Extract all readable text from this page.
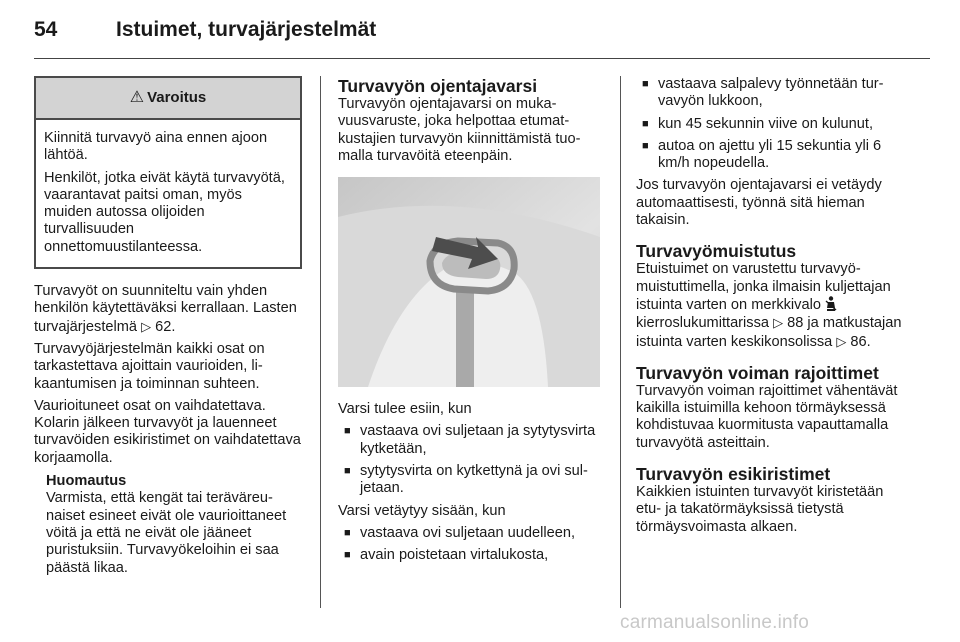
54	Istuimet, turvajärjestelmät
⚠ Varoitus

Kiinnitä turvavyö aina ennen ajoon lähtöä.

Henkilöt, jotka eivät käytä turvavyötä, vaarantavat paitsi oman, myös muiden autossa olijoiden turvallisuuden onnettomuustilanteessa.

Turvavyöt on suunniteltu vain yhden henkilön käytettäväksi kerrallaan. Lasten turvajärjestelmä ▷ 62.

Turvavyöjärjestelmän kaikki osat on tarkastettava ajoittain vaurioiden, likaantumisen ja toiminnan suhteen.

Vaurioituneet osat on vaihdatettava. Kolarin jälkeen turvavyöt ja lauenneet turvavöiden esikiristimet on vaihdatettava korjaamolla.

Huomautus
Varmista, että kengät tai teräväreunaiset esineet eivät ole vaurioittaneet vöitä ja että ne eivät ole jääneet puristuksiin. Turvavyökeloihin ei saa päästä likaa.
Turvavyön ojentajavarsi

Turvavyön ojentajavarsi on mukavuusvaruste, joka helpottaa etumatkustajien turvavyön kiinnittämistä tuomalla turvavöitä eteenpäin.

Varsi tulee esiin, kun

■ vastaava ovi suljetaan ja sytytysvirta kytketään,
■ sytytysvirta on kytkettynä ja ovi suljetaan.

Varsi vetäytyy sisään, kun

■ vastaava ovi suljetaan uudelleen,
■ avain poistetaan virtalukosta,
■ vastaava salpalevy työnnetään turvavyön lukkoon,
■ kun 45 sekunnin viive on kulunut,
■ autoa on ajettu yli 15 sekuntia yli 6 km/h nopeudella.

Jos turvavyön ojentajavarsi ei vetäydy automaattisesti, työnnä sitä hieman takaisin.

Turvavyömuistutus

Etuistuimet on varustettu turvavyömuistuttimella, jonka ilmaisin kuljettajan istuinta varten on merkkivalo  kierroslukumittarissa ▷ 88 ja matkustajan istuinta varten keskikonsolissa ▷ 86.

Turvavyön voiman rajoittimet

Turvavyön voiman rajoittimet vähentävät kaikilla istuimilla kehoon törmäyksessä kohdistuvaa kuormitusta vapauttamalla turvavyötä asteittain.

Turvavyön esikiristimet

Kaikkien istuinten turvavyöt kiristetään etu- ja takatörmäyksissä tietystä törmäysvoimasta alkaen.

carmanualsonline.info
